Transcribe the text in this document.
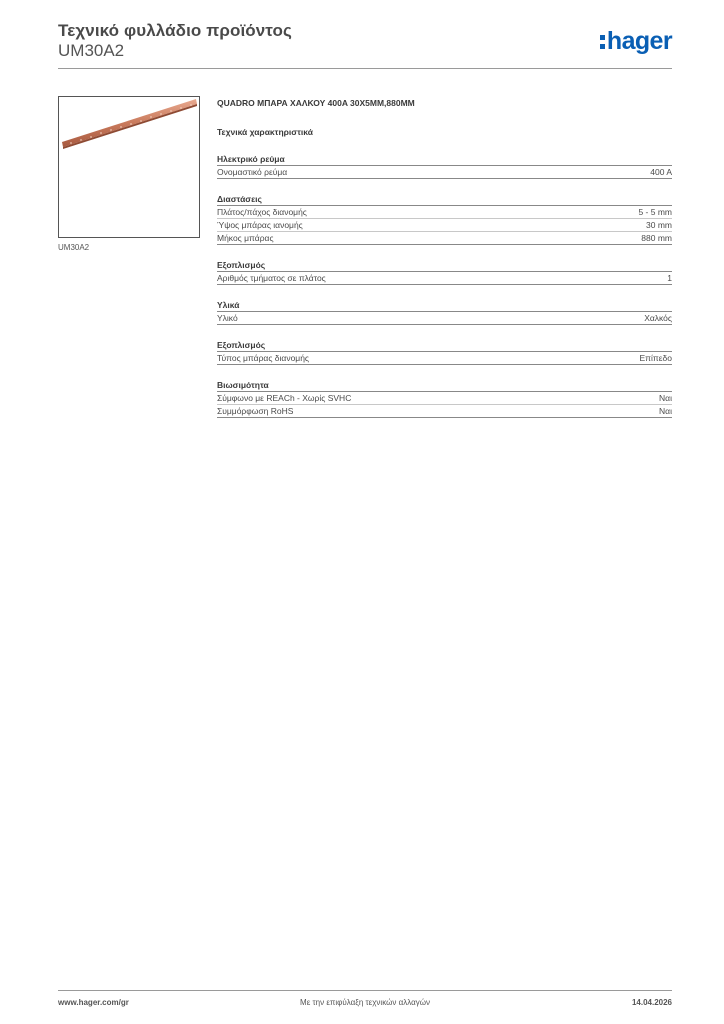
Τεχνικό φυλλάδιο προϊόντος
UM30A2	hager
UM30A2
QUADRO ΜΠΑΡΑ ΧΑΛΚΟΥ 400A 30X5MM,880MM
Τεχνικά χαρακτηριστικά
Ηλεκτρικό ρεύμα
Ονομαστικό ρεύμα	400 A
Διαστάσεις
Πλάτος/πάχος διανομής	5 - 5 mm
Ύψος μπάρας ιανομής	30 mm
Μήκος μπάρας	880 mm
Εξοπλισμός
Αριθμός τμήματος σε πλάτος	1
Υλικά
Υλικό	Χαλκός
Εξοπλισμός
Τύπος μπάρας διανομής	Επίπεδο
Βιωσιμότητα
Σύμφωνο με REACh - Χωρίς SVHC	Ναι
Συμμόρφωση RoHS	Ναι
www.hager.com/gr	Με την επιφύλαξη τεχνικών αλλαγών	14.04.2026
